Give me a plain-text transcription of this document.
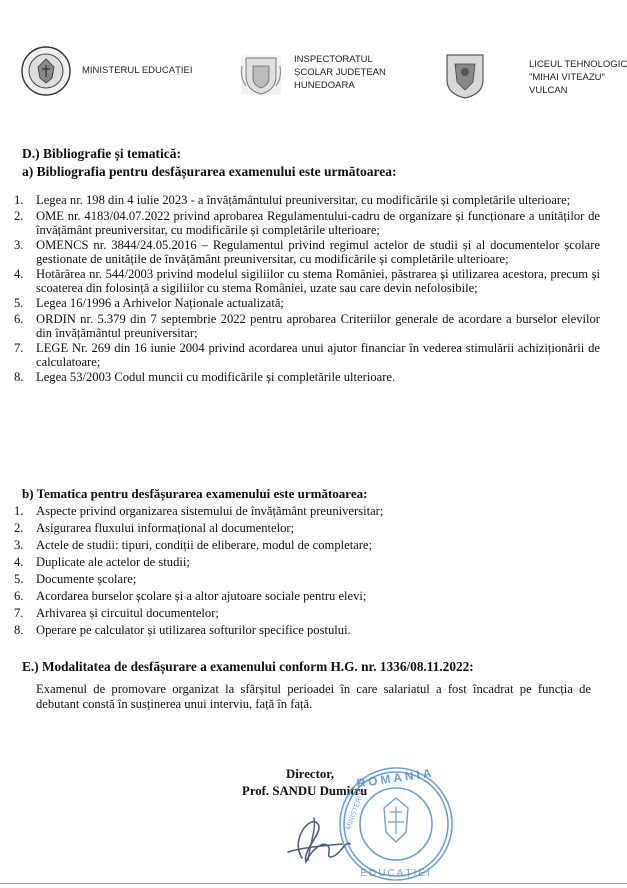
MINISTERUL EDUCAȚIEI
INSPECTORATUL
ȘCOLAR JUDEȚEAN
HUNEDOARA
LICEUL TEHNOLOGIC
"MIHAI VITEAZU"
VULCAN
D.) Bibliografie și tematică:
a) Bibliografia pentru desfășurarea examenului este următoarea:
1. Legea nr. 198 din 4 iulie 2023 - a învățământului preuniversitar, cu modificările și completările ulterioare;
2. OME nr. 4183/04.07.2022 privind aprobarea Regulamentului-cadru de organizare și funcționare a unităților de învățământ preuniversitar, cu modificările și completările ulterioare;
3. OMENCS nr. 3844/24.05.2016 – Regulamentul privind regimul actelor de studii și al documentelor școlare gestionate de unitățile de învățământ preuniversitar, cu modificările și completările ulterioare;
4. Hotărârea nr. 544/2003 privind modelul sigiliilor cu stema României, păstrarea și utilizarea acestora, precum și scoaterea din folosință a sigiliilor cu stema României, uzate sau care devin nefolosibile;
5. Legea 16/1996 a Arhivelor Naționale actualizată;
6. ORDIN nr. 5.379 din 7 septembrie 2022 pentru aprobarea Criteriilor generale de acordare a burselor elevilor din învățământul preuniversitar;
7. LEGE Nr. 269 din 16 iunie 2004 privind acordarea unui ajutor financiar în vederea stimulării achiziționării de calculatoare;
8. Legea 53/2003 Codul muncii cu modificările și completările ulterioare.
b) Tematica pentru desfășurarea examenului este următoarea:
1. Aspecte privind organizarea sistemului de învățământ preuniversitar;
2. Asigurarea fluxului informațional al documentelor;
3. Actele de studii: tipuri, condiții de eliberare, modul de completare;
4. Duplicate ale actelor de studii;
5. Documente școlare;
6. Acordarea burselor școlare și a altor ajutoare sociale pentru elevi;
7. Arhivarea și circuitul documentelor;
8. Operare pe calculator și utilizarea softurilor specifice postului.
E.) Modalitatea de desfășurare a examenului conform H.G. nr. 1336/08.11.2022:
Examenul de promovare organizat la sfârșitul perioadei în care salariatul a fost încadrat pe funcția de debutant constă în susținerea unui interviu, față în față.
Director,
Prof. SANDU Dumitru
ROMANIA
EDUCAȚIEI
MINISTERUL
